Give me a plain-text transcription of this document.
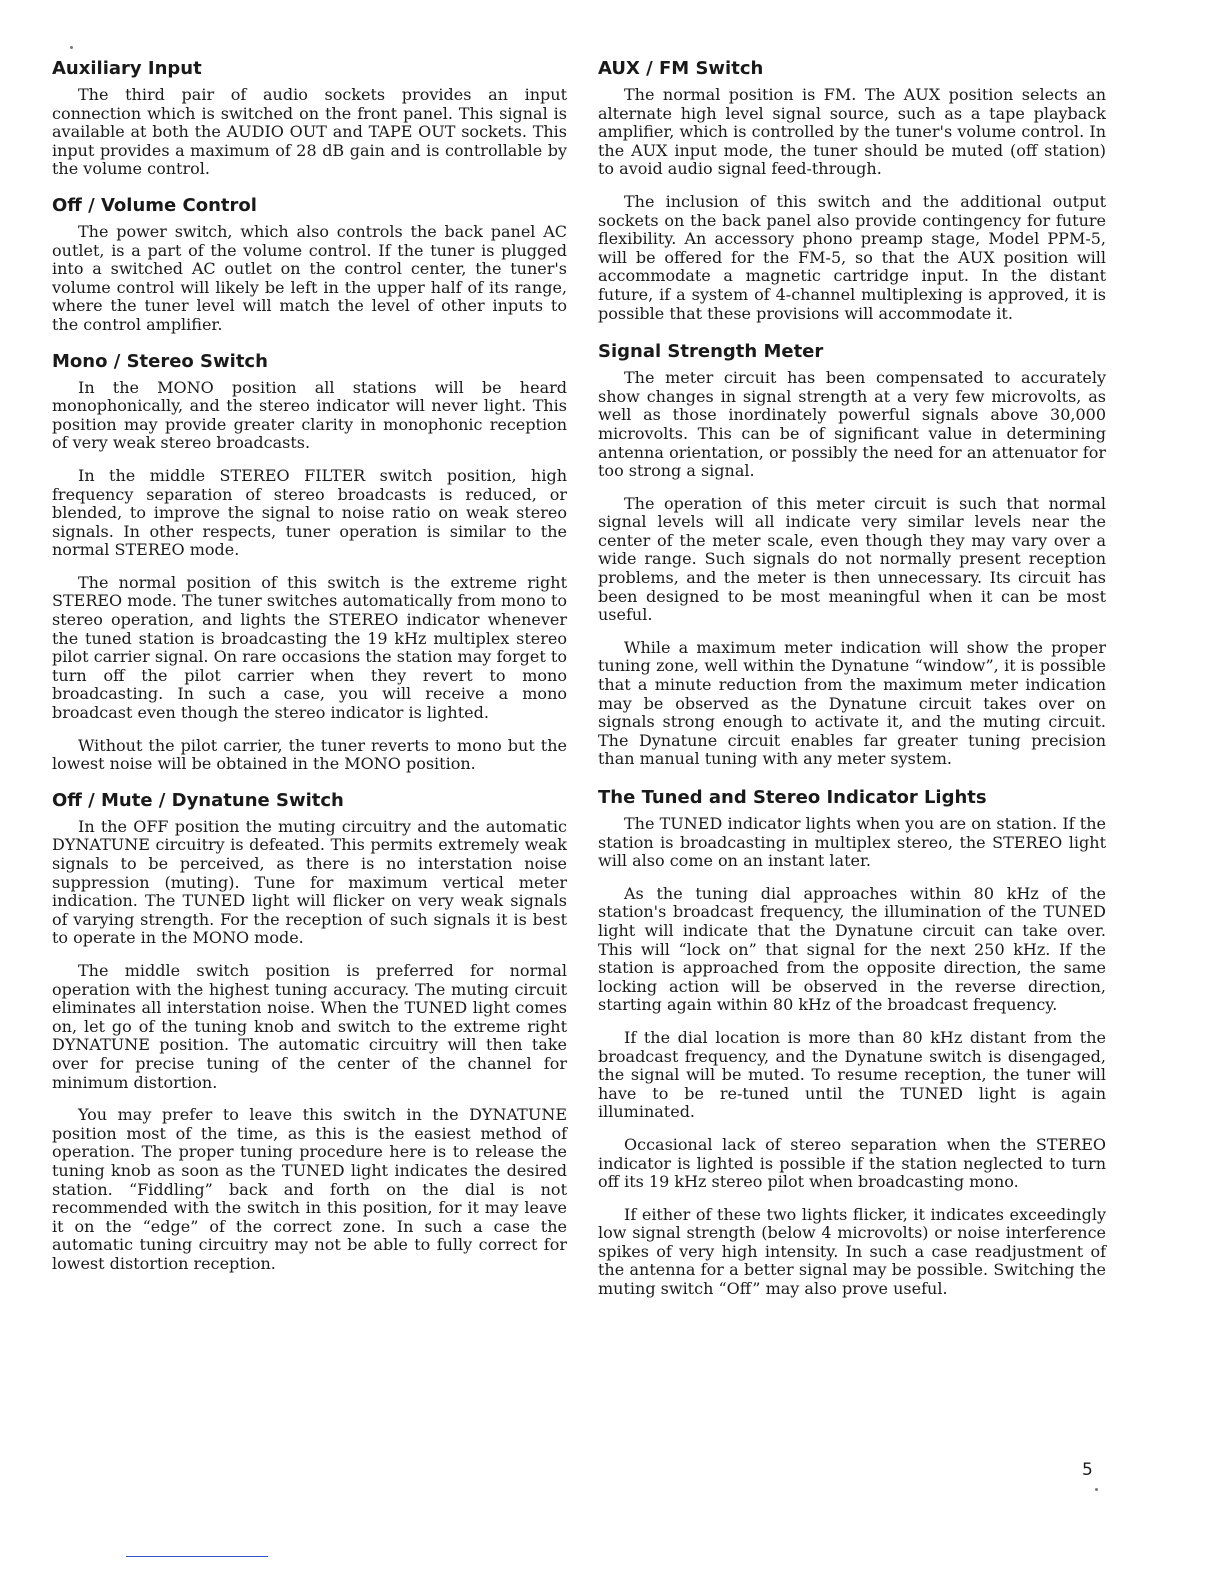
Auxiliary Input

The third pair of audio sockets provides an input connection which is switched on the front panel. This signal is available at both the AUDIO OUT and TAPE OUT sockets. This input provides a maximum of 28 dB gain and is controllable by the volume control.

Off / Volume Control

The power switch, which also controls the back panel AC outlet, is a part of the volume control. If the tuner is plugged into a switched AC outlet on the control center, the tuner's volume control will likely be left in the upper half of its range, where the tuner level will match the level of other inputs to the control amplifier.

Mono / Stereo Switch

In the MONO position all stations will be heard monophonically, and the stereo indicator will never light. This position may provide greater clarity in monophonic reception of very weak stereo broadcasts.

In the middle STEREO FILTER switch position, high frequency separation of stereo broadcasts is reduced, or blended, to improve the signal to noise ratio on weak stereo signals. In other respects, tuner operation is similar to the normal STEREO mode.

The normal position of this switch is the extreme right STEREO mode. The tuner switches automatically from mono to stereo operation, and lights the STEREO indicator whenever the tuned station is broadcasting the 19 kHz multiplex stereo pilot carrier signal. On rare occasions the station may forget to turn off the pilot carrier when they revert to mono broadcasting. In such a case, you will receive a mono broadcast even though the stereo indicator is lighted.

Without the pilot carrier, the tuner reverts to mono but the lowest noise will be obtained in the MONO position.

Off / Mute / Dynatune Switch

In the OFF position the muting circuitry and the automatic DYNATUNE circuitry is defeated. This permits extremely weak signals to be perceived, as there is no interstation noise suppression (muting). Tune for maximum vertical meter indication. The TUNED light will flicker on very weak signals of varying strength. For the reception of such signals it is best to operate in the MONO mode.

The middle switch position is preferred for normal operation with the highest tuning accuracy. The muting circuit eliminates all interstation noise. When the TUNED light comes on, let go of the tuning knob and switch to the extreme right DYNATUNE position. The automatic circuitry will then take over for precise tuning of the center of the channel for minimum distortion.

You may prefer to leave this switch in the DYNATUNE position most of the time, as this is the easiest method of operation. The proper tuning procedure here is to release the tuning knob as soon as the TUNED light indicates the desired station. “Fiddling” back and forth on the dial is not recommended with the switch in this position, for it may leave it on the “edge” of the correct zone. In such a case the automatic tuning circuitry may not be able to fully correct for lowest distortion reception.

AUX / FM Switch

The normal position is FM. The AUX position selects an alternate high level signal source, such as a tape playback amplifier, which is controlled by the tuner's volume control. In the AUX input mode, the tuner should be muted (off station) to avoid audio signal feed-through.

The inclusion of this switch and the additional output sockets on the back panel also provide contingency for future flexibility. An accessory phono preamp stage, Model PPM-5, will be offered for the FM-5, so that the AUX position will accommodate a magnetic cartridge input. In the distant future, if a system of 4-channel multiplexing is approved, it is possible that these provisions will accommodate it.

Signal Strength Meter

The meter circuit has been compensated to accurately show changes in signal strength at a very few microvolts, as well as those inordinately powerful signals above 30,000 microvolts. This can be of significant value in determining antenna orientation, or possibly the need for an attenuator for too strong a signal.

The operation of this meter circuit is such that normal signal levels will all indicate very similar levels near the center of the meter scale, even though they may vary over a wide range. Such signals do not normally present reception problems, and the meter is then unnecessary. Its circuit has been designed to be most meaningful when it can be most useful.

While a maximum meter indication will show the proper tuning zone, well within the Dynatune “window”, it is possible that a minute reduction from the maximum meter indication may be observed as the Dynatune circuit takes over on signals strong enough to activate it, and the muting circuit. The Dynatune circuit enables far greater tuning precision than manual tuning with any meter system.

The Tuned and Stereo Indicator Lights

The TUNED indicator lights when you are on station. If the station is broadcasting in multiplex stereo, the STEREO light will also come on an instant later.

As the tuning dial approaches within 80 kHz of the station's broadcast frequency, the illumination of the TUNED light will indicate that the Dynatune circuit can take over. This will “lock on” that signal for the next 250 kHz. If the station is approached from the opposite direction, the same locking action will be observed in the reverse direction, starting again within 80 kHz of the broadcast frequency.

If the dial location is more than 80 kHz distant from the broadcast frequency, and the Dynatune switch is disengaged, the signal will be muted. To resume reception, the tuner will have to be re-tuned until the TUNED light is again illuminated.

Occasional lack of stereo separation when the STEREO indicator is lighted is possible if the station neglected to turn off its 19 kHz stereo pilot when broadcasting mono.

If either of these two lights flicker, it indicates exceedingly low signal strength (below 4 microvolts) or noise interference spikes of very high intensity. In such a case readjustment of the antenna for a better signal may be possible. Switching the muting switch “Off” may also prove useful.

5
